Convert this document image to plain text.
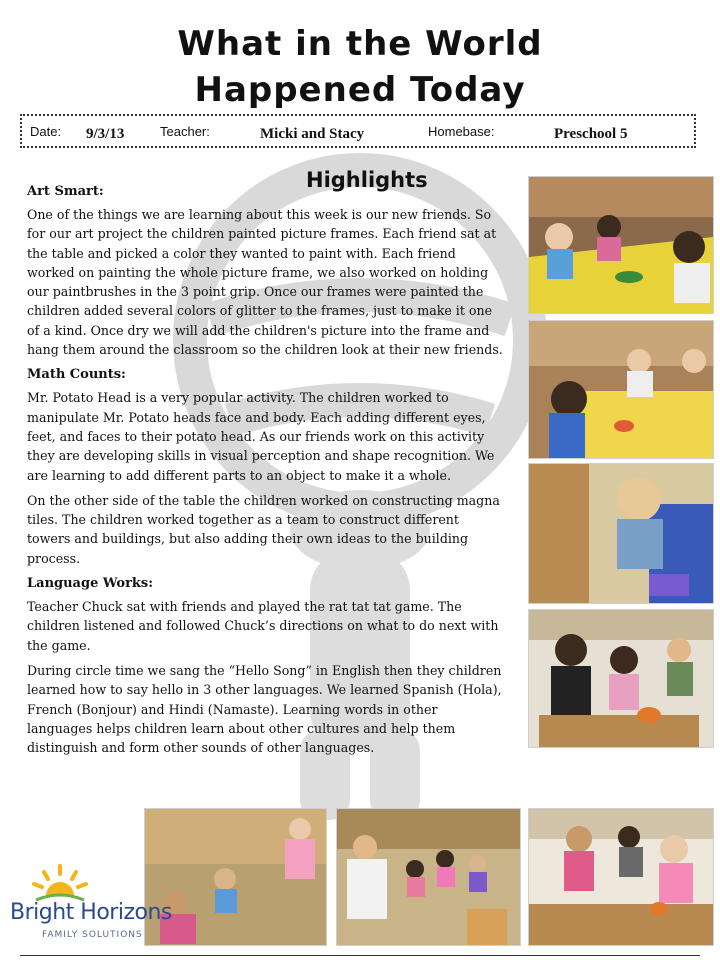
What in the World
Happened Today
Date: 9/3/13	Teacher:	Micki and Stacy	Homebase:	Preschool 5
Highlights
Art Smart:

One of the things we are learning about this week is our new friends. So for our art project the children painted picture frames. Each friend sat at the table and picked a color they wanted to paint with. Each friend worked on painting the whole picture frame, we also worked on holding our paintbrushes in the 3 point grip. Once our frames were painted the children added several colors of glitter to the frames, just to make it one of a kind. Once dry we will add the children's picture into the frame and hang them around the classroom so the children look at their new friends.

Math Counts:

Mr. Potato Head is a very popular activity. The children worked to manipulate Mr. Potato heads face and body. Each adding different eyes, feet, and faces to their potato head. As our friends work on this activity they are developing skills in visual perception and shape recognition. We are learning to add different parts to an object to make it a whole.

On the other side of the table the children worked on constructing magna tiles. The children worked together as a team to construct different towers and buildings, but also adding their own ideas to the building process.

Language Works:

Teacher Chuck sat with friends and played the rat tat tat game. The children listened and followed Chuck’s directions on what to do next with the game.

During circle time we sang the “Hello Song” in English then they children learned how to say hello in 3 other languages. We learned Spanish (Hola), French (Bonjour) and Hindi (Namaste). Learning words in other languages helps children learn about other cultures and help them distinguish and form other sounds of other languages.

Bright Horizons
FAMILY SOLUTIONS
